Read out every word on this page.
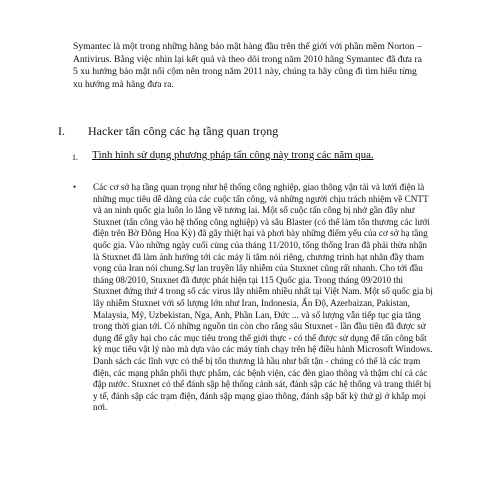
Symantec là một trong những hãng bảo mật hàng đầu trên thế giới với phần mềm Norton – Antivirus. Bằng việc nhìn lại kết quả và theo dõi trong năm 2010 hãng Symantec đã đưa ra 5 xu hướng bảo mật nổi cộm nên trong năm 2011 này, chúng ta hãy cũng đi tìm hiểu từng xu hướng mà hãng đưa ra.

I.	Hacker tấn công các hạ tầng quan trọng
1.	Tình hình sử dụng phương pháp tấn công này trong các năm qua.
•	Các cơ sở hạ tầng quan trọng như hệ thống công nghiệp, giao thông vận tải và lưới điện là những mục tiêu dễ dàng của các cuộc tấn công, và những người chịu trách nhiệm về CNTT và an ninh quốc gia luôn lo lắng về tương lai. Một số cuộc tấn công bị nhớ gần đây như Stuxnet (tấn công vào hệ thống công nghiệp) và sâu Blaster (có thể làm tổn thương các lưới điện trên Bờ Đông Hoa Kỳ) đã gây thiệt hại và phơi bày những điểm yếu của cơ sở hạ tầng quốc gia. Vào những ngày cuối cùng của tháng 11/2010, tổng thống Iran đã phải thừa nhận là Stuxnet đã làm ảnh hưởng tới các máy li tâm nói riêng, chương trình hạt nhân đầy tham vọng của Iran nói chung.Sự lan truyền lây nhiễm của Stuxnet cũng rất nhanh. Cho tới đầu tháng 08/2010, Stuxnet đã được phát hiện tại 115 Quốc gia. Trong tháng 09/2010 thì Stuxnet đứng thứ 4 trong số các virus lây nhiễm nhiều nhất tại Việt Nam. Một số quốc gia bị lây nhiễm Stuxnet với số lượng lớn như Iran, Indonesia, Ấn Độ, Azerbaizan, Pakistan, Malaysia, Mỹ, Uzbekistan, Nga, Anh, Phần Lan, Đức ... và số lượng vẫn tiếp tục gia tăng trong thời gian tới. Có những nguồn tin còn cho rằng sâu Stuxnet - lần đầu tiên đã được sử dụng để gây hại cho các mục tiêu trong thế giới thực - có thể được sử dụng để tấn công bất kỳ mục tiêu vật lý nào mà dựa vào các máy tính chạy trên hệ điều hành Microsoft Windows. Danh sách các lĩnh vực có thể bị tổn thương là hầu như bất tận - chúng có thể là các trạm điện, các mạng phân phối thực phẩm, các bệnh viện, các đèn giao thông và thậm chí cả các đập nước. Stuxnet có thể đánh sập hệ thống cảnh sát, đánh sập các hệ thống và trang thiết bị y tế, đánh sập các trạm điện, đánh sập mạng giao thông, đánh sập bất kỳ thứ gì ở khắp mọi nơi.
